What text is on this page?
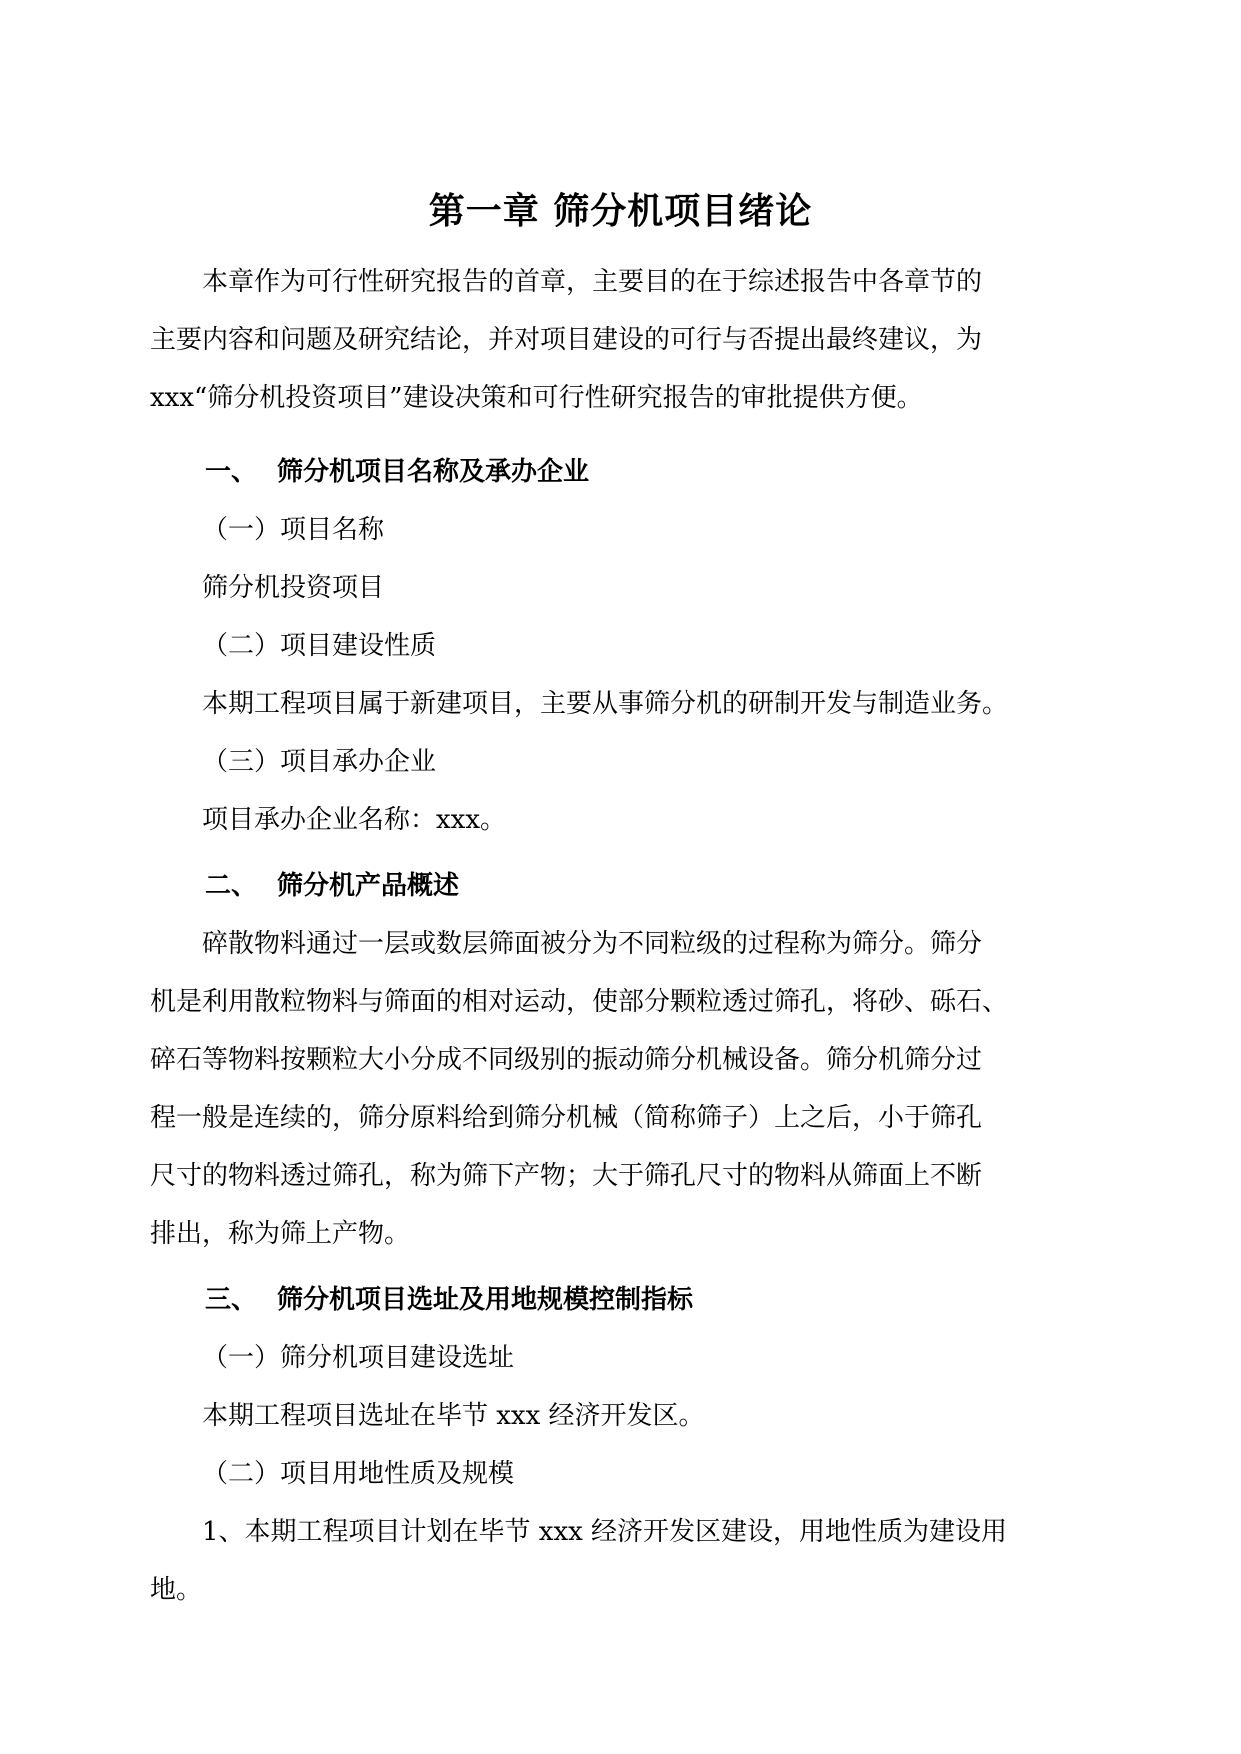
第一章 筛分机项目绪论

本章作为可行性研究报告的首章，主要目的在于综述报告中各章节的

主要内容和问题及研究结论，并对项目建设的可行与否提出最终建议，为

xxx“筛分机投资项目”建设决策和可行性研究报告的审批提供方便。

一、 筛分机项目名称及承办企业

（一）项目名称

筛分机投资项目

（二）项目建设性质

本期工程项目属于新建项目，主要从事筛分机的研制开发与制造业务。

（三）项目承办企业

项目承办企业名称：xxx。

二、 筛分机产品概述

碎散物料通过一层或数层筛面被分为不同粒级的过程称为筛分。筛分

机是利用散粒物料与筛面的相对运动，使部分颗粒透过筛孔，将砂、砾石、

碎石等物料按颗粒大小分成不同级别的振动筛分机械设备。筛分机筛分过

程一般是连续的，筛分原料给到筛分机械（简称筛子）上之后，小于筛孔

尺寸的物料透过筛孔，称为筛下产物；大于筛孔尺寸的物料从筛面上不断

排出，称为筛上产物。

三、 筛分机项目选址及用地规模控制指标

（一）筛分机项目建设选址

本期工程项目选址在毕节 xxx 经济开发区。

（二）项目用地性质及规模

1、本期工程项目计划在毕节 xxx 经济开发区建设，用地性质为建设用

地。
